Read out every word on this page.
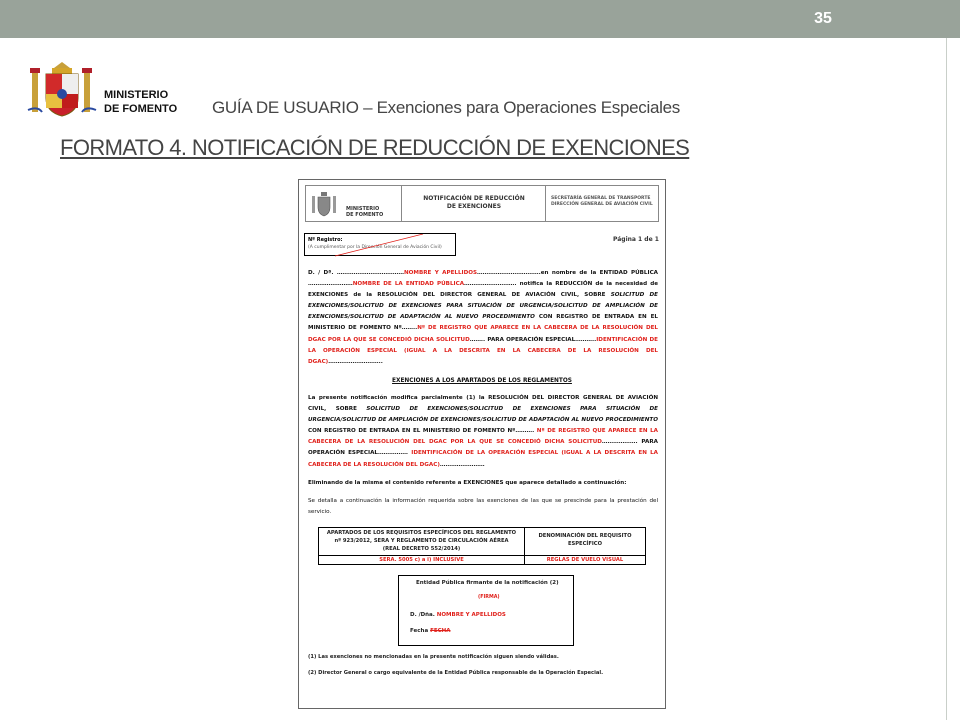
35
MINISTERIO
DE FOMENTO GUÍA DE USUARIO – Exenciones para Operaciones Especiales
FORMATO 4. NOTIFICACIÓN DE REDUCCIÓN DE EXENCIONES
MINISTERIO
DE FOMENTO
NOTIFICACIÓN DE REDUCCIÓN
DE EXENCIONES
SECRETARÍA GENERAL DE TRANSPORTE
DIRECCIÓN GENERAL DE AVIACIÓN CIVIL
Nº Registro:
(A cumplimentar por la Dirección General de Aviación Civil)
Página 1 de 1

D. / Dª. ………………………………NOMBRE Y APELLIDOS…………………………….en nombre de la ENTIDAD PÚBLICA ……………………NOMBRE DE LA ENTIDAD PÚBLICA………………………. notifica la REDUCCIÓN de la necesidad de EXENCIONES de la RESOLUCIÓN DEL DIRECTOR GENERAL DE AVIACIÓN CIVIL, SOBRE SOLICITUD DE EXENCIONES/SOLICITUD DE EXENCIONES PARA SITUACIÓN DE URGENCIA/SOLICITUD DE AMPLIACIÓN DE EXENCIONES/SOLICITUD DE ADAPTACIÓN AL NUEVO PROCEDIMIENTO CON REGISTRO DE ENTRADA EN EL MINISTERIO DE FOMENTO Nº……..Nº DE REGISTRO QUE APARECE EN LA CABECERA DE LA RESOLUCIÓN DEL DGAC POR LA QUE SE CONCEDIÓ DICHA SOLICITUD…….. PARA OPERACIÓN ESPECIAL………..IDENTIFICACIÓN DE LA OPERACIÓN ESPECIAL (IGUAL A LA DESCRITA EN LA CABECERA DE LA RESOLUCIÓN DEL DGAC)………………………..

EXENCIONES A LOS APARTADOS DE LOS REGLAMENTOS

La presente notificación modifica parcialmente (1) la RESOLUCIÓN DEL DIRECTOR GENERAL DE AVIACIÓN CIVIL, SOBRE SOLICITUD DE EXENCIONES/SOLICITUD DE EXENCIONES PARA SITUACIÓN DE URGENCIA/SOLICITUD DE AMPLIACIÓN DE EXENCIONES/SOLICITUD DE ADAPTACIÓN AL NUEVO PROCEDIMIENTO CON REGISTRO DE ENTRADA EN EL MINISTERIO DE FOMENTO Nº………. Nº DE REGISTRO QUE APARECE EN LA CABECERA DE LA RESOLUCIÓN DEL DGAC POR LA QUE SE CONCEDIÓ DICHA SOLICITUD………………. PARA OPERACIÓN ESPECIAL……………. IDENTIFICACIÓN DE LA OPERACIÓN ESPECIAL (IGUAL A LA DESCRITA EN LA CABECERA DE LA RESOLUCIÓN DEL DGAC)……………………

Eliminando de la misma el contenido referente a EXENCIONES que aparece detallado a continuación:

Se detalla a continuación la información requerida sobre las exenciones de las que se prescinde para la prestación del servicio.

APARTADOS DE LOS REQUISITOS ESPECÍFICOS DEL REGLAMENTO
nº 923/2012, SERA Y REGLAMENTO DE CIRCULACIÓN AÉREA
(REAL DECRETO 552/2014)
DENOMINACIÓN DEL REQUISITO
ESPECÍFICO
SERA. 5005 c) a i) INCLUSIVE	REGLAS DE VUELO VISUAL
Entidad Pública firmante de la notificación (2)
(FIRMA)
D. /Dña. NOMBRE Y APELLIDOS
Fecha FECHA
(1) Las exenciones no mencionadas en la presente notificación siguen siendo válidas.
(2) Director General o cargo equivalente de la Entidad Pública responsable de la Operación Especial.
